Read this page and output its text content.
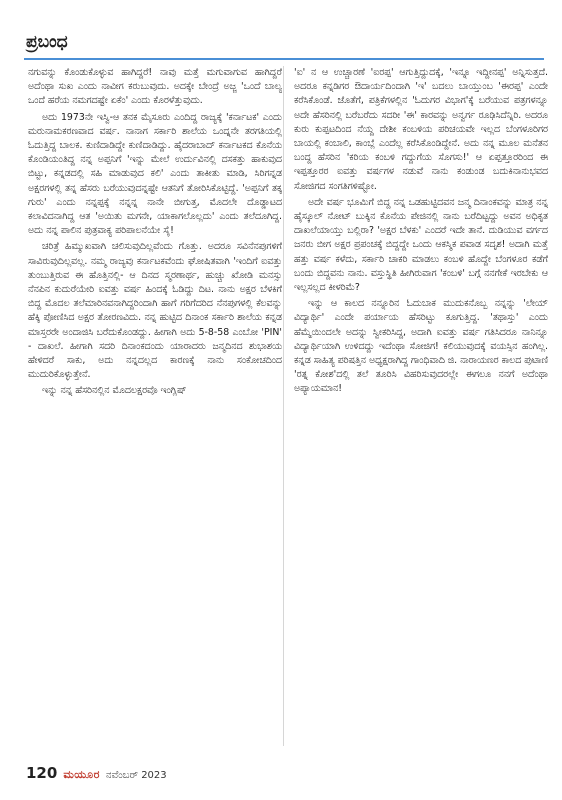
ಪ್ರಬಂಧ

ನಗುವನ್ನು ಕೊಂಡುಕೊಳ್ಳುವ ಹಾಗಿದ್ದರೆ! ನಾವು ಮತ್ತೆ ಮಗುವಾಗುವ ಹಾಗಿದ್ದರೆ ಅದೆಂಥಾ ಸುಖ ಎಂದು ನಾವೀಗ ಕರುಬುವುದು. ಅದಕ್ಕೇ ಬೇಂದ್ರೆ ಅಜ್ಜ 'ಒಂದೆ ಬಾಲ್ಯ ಒಂದೆ ಹರೆಯ ನಮಗದಷ್ಟೇ ಏಕೆಂ' ಎಂದು ಕೊರಳೆತ್ತುವುದು.

ಅದು 1973ನೇ ಇಸ್ವಿ-ಆ ತನಕ ಮೈಸೂರು ಎಂದಿದ್ದ ರಾಜ್ಯಕ್ಕೆ 'ಕರ್ನಾಟಕ' ಎಂದು ಮರುನಾಮಕರಣವಾದ ವರ್ಷ. ನಾನಾಗ ಸರ್ಕಾರಿ ಶಾಲೆಯ ಒಂದ್ನನೇ ತರಗತಿಯಲ್ಲಿ ಓದುತ್ತಿದ್ದ ಬಾಲಕ. ಕುಣಿದಾಡಿದ್ದೇ ಕುಣಿದಾಡಿದ್ದು. ಹೈದರಾಬಾದ್ ಕರ್ನಾಟಕದ ಕೊನೆಯ ಕೊಂಡಿಯಂತಿದ್ದ ನನ್ನ ಅಪ್ಪನಿಗೆ 'ಇನ್ನು ಮೇಲೆ ಉರ್ದುವಿನಲ್ಲಿ ದಸಕತ್ತು ಹಾಕುವುದ ಬಿಟ್ಟು, ಕನ್ನಡದಲ್ಲಿ ಸಹಿ ಮಾಡುವುದ ಕಲಿ' ಎಂದು ತಾಕೀತು ಮಾಡಿ, ಸಿರಿಗನ್ನಡ ಅಕ್ಷರಗಳಲ್ಲಿ ತನ್ನ ಹೆಸರು ಬರೆಯುವುದನ್ನಷ್ಟೇ ಆತನಿಗೆ ತೋರಿಸಿಕೊಟ್ಟಿದ್ದೆ. 'ಅಪ್ಪನಿಗೆ ತಕ್ಕ ಗುರು' ಎಂದು ನನ್ನಪ್ಪಕ್ಕೆ ನನ್ನನ್ನ ನಾನೇ ಬೀಗುತ್ತ, ಮೊದಲೇ ದೊಡ್ಡಾಟದ ಕಲಾವಿದನಾಗಿದ್ದ ಆತ 'ಅಯಿತು ಮಗನೇ, ಯಾಕಾಗಲೊಲ್ಲದು' ಎಂದು ತಲೆದೂಗಿದ್ದ. ಅದು ನನ್ನ ಪಾಲಿನ ಪುತ್ರವಾಕ್ಯ ಪರಿಪಾಲನೆಯೇ ಸೈ!

ಚರಿತ್ರೆ ಹಿಮ್ಮುಖವಾಗಿ ಚಲಿಸುವುದಿಲ್ಲವೆಂದು ಗೊತ್ತು. ಅದರೂ ಸವಿನೆನಪುಗಳಿಗೆ ಸಾವಿರುವುದಿಲ್ಲವಲ್ಲ. ನಮ್ಮ ರಾಜ್ಯವು ಕರ್ನಾಟಕವೆಂದು ಘೋಷಿತವಾಗಿ 'ಇಂದಿಗೆ ಐವತ್ತು ತುಂಬುತ್ತಿರುವ ಈ ಹೊತ್ತಿನಲ್ಲಿ- ಆ ದಿನದ ಸ್ಮರಣಾರ್ಥ, ಹುಚ್ಚು ಖೋಡಿ ಮನಸ್ಸು ನೆನಪಿನ ಕುದುರೆಯೇರಿ ಐವತ್ತು ವರ್ಷ ಹಿಂದಕ್ಕೆ ಓಡಿದ್ದು ದಿಟ. ನಾನು ಅಕ್ಷರ ಬೆಳಕಿಗೆ ಬಿದ್ದ ಮೊದಲ ತಲೆಮಾರಿನವನಾಗಿದ್ದರಿಂದಾಗಿ ಹಾಗೆ ಗರಿಗೆದರಿದ ನೆನಪುಗಳಲ್ಲಿ ಕೆಲವನ್ನು ಹೆಕ್ಕಿ ಪೋಣಿಸಿದ ಅಕ್ಷರ ತೋರಣವಿದು. ನನ್ನ ಹುಟ್ಟಿದ ದಿನಾಂಕ ಸರ್ಕಾರಿ ಶಾಲೆಯ ಕನ್ನಡ ಮಾಸ್ತರರೇ ಅಂದಾಜಿಸಿ ಬರೆದುಕೊಂಡದ್ದು. ಹೀಗಾಗಿ ಅದು 5-8-58 ಎಂಬೋ 'PIN' - ದಾಖಲೆ. ಹೀಗಾಗಿ ಸದರಿ ದಿನಾಂಕದಂದು ಯಾರಾದರು ಜನ್ಮದಿನದ ಶುಭಾಶಯ ಹೇಳಿದರೆ ಸಾಕು, ಅದು ನನ್ನದಲ್ಲದ ಕಾರಣಕ್ಕೆ ನಾನು ಸಂಕೋಚದಿಂದ ಮುದುರಿಕೊಳ್ಳುತ್ತೇನೆ.

ಇನ್ನು ನನ್ನ ಹೆಸರಿನಲ್ಲಿನ ಮೊದಲಕ್ಷರವೊ ಇಂಗ್ಲಿಷ್

'ಐ' ನ ಆ ಉಚ್ಚಾರಣೆ 'ಐರಪ್ಪ' ಆಗುತ್ತಿದ್ದುದಕ್ಕೆ, 'ಇನ್ನೂ ಇದ್ದೀನಪ್ಪ' ಅನ್ನಿಸುತ್ತದೆ. ಅದರೂ ಕನ್ನಡಿಗರ ಔದಾರ್ಯದಿಂದಾಗಿ 'ಇ' ಬದಲು ಬಾಯ್ತುಂಬ 'ಈರಪ್ಪ' ಎಂದೇ ಕರೆಸಿಕೊಂಡೆ. ಜೊತೆಗೆ, ಪತ್ರಿಕೆಗಳಲ್ಲಿನ 'ಓದುಗರ ವಿಭಾಗ'ಕ್ಕೆ ಬರೆಯುವ ಪತ್ರಗಳನ್ನೂ ಅದೇ ಹೆಸರಿನಲ್ಲಿ ಬರೆಬರೆದು ಸದರೀ 'ಈ' ಕಾರವನ್ನು ಅನ್ವರ್ಗ ರೂಢಿಸಿದೆನ್ನಿರಿ. ಅದರೂ ಕುರು ಕುಪ್ಪಟದಿಂದ ನೆಯ್ದ ದೇಶೀ ಕಂಬಳಿಯ ಪರಿಚಯವೇ ಇಲ್ಲದ ಬೆಂಗಳೂರಿಗರ ಬಾಯಲ್ಲಿ ಕಂಬಾಲಿ, ಕಾಂಬ್ಲೆ ಎಂದೆಲ್ಲ ಕರೆಸಿಕೊಂಡಿದ್ದೇನೆ. ಅದು ನನ್ನ ಮೂಲ ಮನೆತನ ಬಂದ್ದ ಹೆಸರಿನ 'ಕರಿಯ ಕಂಬಳಿ ಗದ್ದುಗೆಯ ಸೊಗಸು!' ಆ ಏಪ್ಪತ್ತೂರರಿಂದ ಈ ಇಪ್ಪತ್ತೂರರ ಐವತ್ತು ವರ್ಷಗಳ ನಡುವೆ ನಾನು ಕಂಡುಂಡ ಬದುಕಿನಾನುಭವದ ಸೋಜಿಗದ ಸಂಗತಿಗಳಿಷ್ಟೋ.

ಅದೇ ವರ್ಷ ಭೂಮಿಗೆ ಬಿದ್ದ ನನ್ನ ಒಡಹುಟ್ಟಿದವನ ಜನ್ಮ ದಿನಾಂಕವನ್ನು ಮಾತ್ರ ನನ್ನ ಹೈಸ್ಕೂಲ್ ನೋಟ್ ಬುಕ್ಕಿನ ಕೊನೆಯ ಪೇಜಿನಲ್ಲಿ ನಾನು ಬರೆದಿಟ್ಟದ್ದು ಅವನ ಅಧಿಕೃತ ದಾಖಲೆಯಾಯ್ತು ಬಲ್ಲಿರಾ? 'ಅಕ್ಷರ ಬೆಳಕು' ಎಂದರೆ ಇದೇ ತಾನೆ. ದುಡಿಯುವ ವರ್ಗದ ಜನರು ಬೀಗ ಅಕ್ಷರ ಪ್ರಪಂಚಕ್ಕೆ ಬಿದ್ದದ್ದೇ ಒಂದು ಆಕಸ್ಮಿಕ ಪವಾಡ ಸದೃಶ! ಅದಾಗಿ ಮತ್ತೆ ಹತ್ತು ವರ್ಷ ಕಳೆದು, ಸರ್ಕಾರಿ ಚಾಕರಿ ಮಾಡಲು ಕಂಬಳಿ ಹೊದ್ದೇ ಬೆಂಗಳೂರ ಕಡೆಗೆ ಬಂದು ಬಿದ್ದವನು ನಾನು. ವಸ್ತುಸ್ಥಿತಿ ಹೀಗಿರುವಾಗ 'ಕಂಬಳಿ' ಬಗ್ಗೆ ನನಗೇಕೆ ಇರಬೇಕು ಆ ಇಲ್ಲಸಲ್ಲದ ಕೀಳರಿಮೆ?

ಇನ್ನು ಆ ಕಾಲದ ನನ್ನೂರಿನ ಓದುಬಾಕ ಮುದುಕನೊಬ್ಬ ನನ್ನನ್ನು 'ಲೇಯ್ ವಿದ್ಯಾರ್ಥಿ' ಎಂದೇ ಪರ್ಯಾಯ ಹೆಸರಿಟ್ಟು ಕೂಗುತ್ತಿದ್ದ. 'ತಥಾಸ್ತು' ಎಂದು ಹೆಮ್ಮೆಯಿಂದಲೇ ಅದನ್ನು ಸ್ವೀಕರಿಸಿದ್ದ, ಅದಾಗಿ ಐವತ್ತು ವರ್ಷ ಗತಿಸಿದರೂ ನಾನಿನ್ನೂ ವಿದ್ಯಾರ್ಥಿಯಾಗಿ ಉಳಿದದ್ದು ಇದೆಂಥಾ ಸೋಜಿಗ! ಕಲಿಯುವುದಕ್ಕೆ ವಯಸ್ಸಿನ ಹಂಗಿಲ್ಲ. ಕನ್ನಡ ಸಾಹಿತ್ಯ ಪರಿಷತ್ತಿನ ಅಧ್ಯಕ್ಷರಾಗಿದ್ದ ಗಾಂಧಿವಾದಿ ಜಿ. ನಾರಾಯಣರ ಕಾಲದ ಪುಟಾಣಿ 'ರತ್ನ ಕೋಶ'ದಲ್ಲಿ ತಲೆ ತೂರಿಸಿ ವಿಹರಿಸುವುದರಲ್ಲೇ ಈಗಲೂ ನನಗೆ ಅದೆಂಥಾ ಅಪ್ಯಾಯಮಾನ!

120 ಮಯೂರ ನವೆಂಬರ್ 2023
